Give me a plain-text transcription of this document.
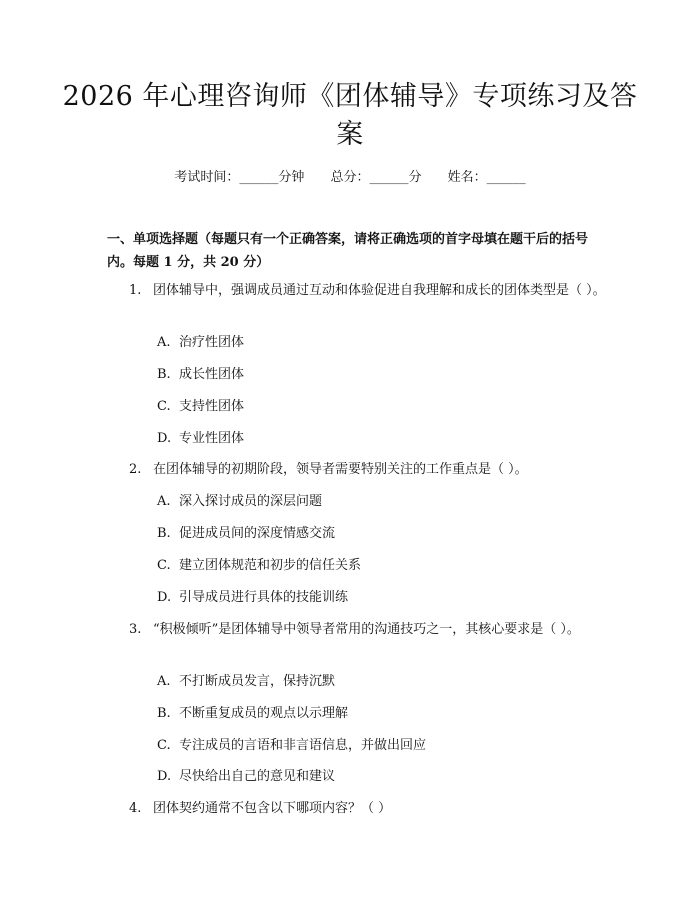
2026 年心理咨询师《团体辅导》专项练习及答案
考试时间：______分钟 总分：______分 姓名：______
一、单项选择题（每题只有一个正确答案，请将正确选项的首字母填在题干后的括号内。每题 1 分，共 20 分）
1. 团体辅导中，强调成员通过互动和体验促进自我理解和成长的团体类型是（ ）。
A. 治疗性团体
B. 成长性团体
C. 支持性团体
D. 专业性团体
2. 在团体辅导的初期阶段，领导者需要特别关注的工作重点是（ ）。
A. 深入探讨成员的深层问题
B. 促进成员间的深度情感交流
C. 建立团体规范和初步的信任关系
D. 引导成员进行具体的技能训练
3. “积极倾听”是团体辅导中领导者常用的沟通技巧之一，其核心要求是（ ）。
A. 不打断成员发言，保持沉默
B. 不断重复成员的观点以示理解
C. 专注成员的言语和非言语信息，并做出回应
D. 尽快给出自己的意见和建议
4. 团体契约通常不包含以下哪项内容？（ ）
